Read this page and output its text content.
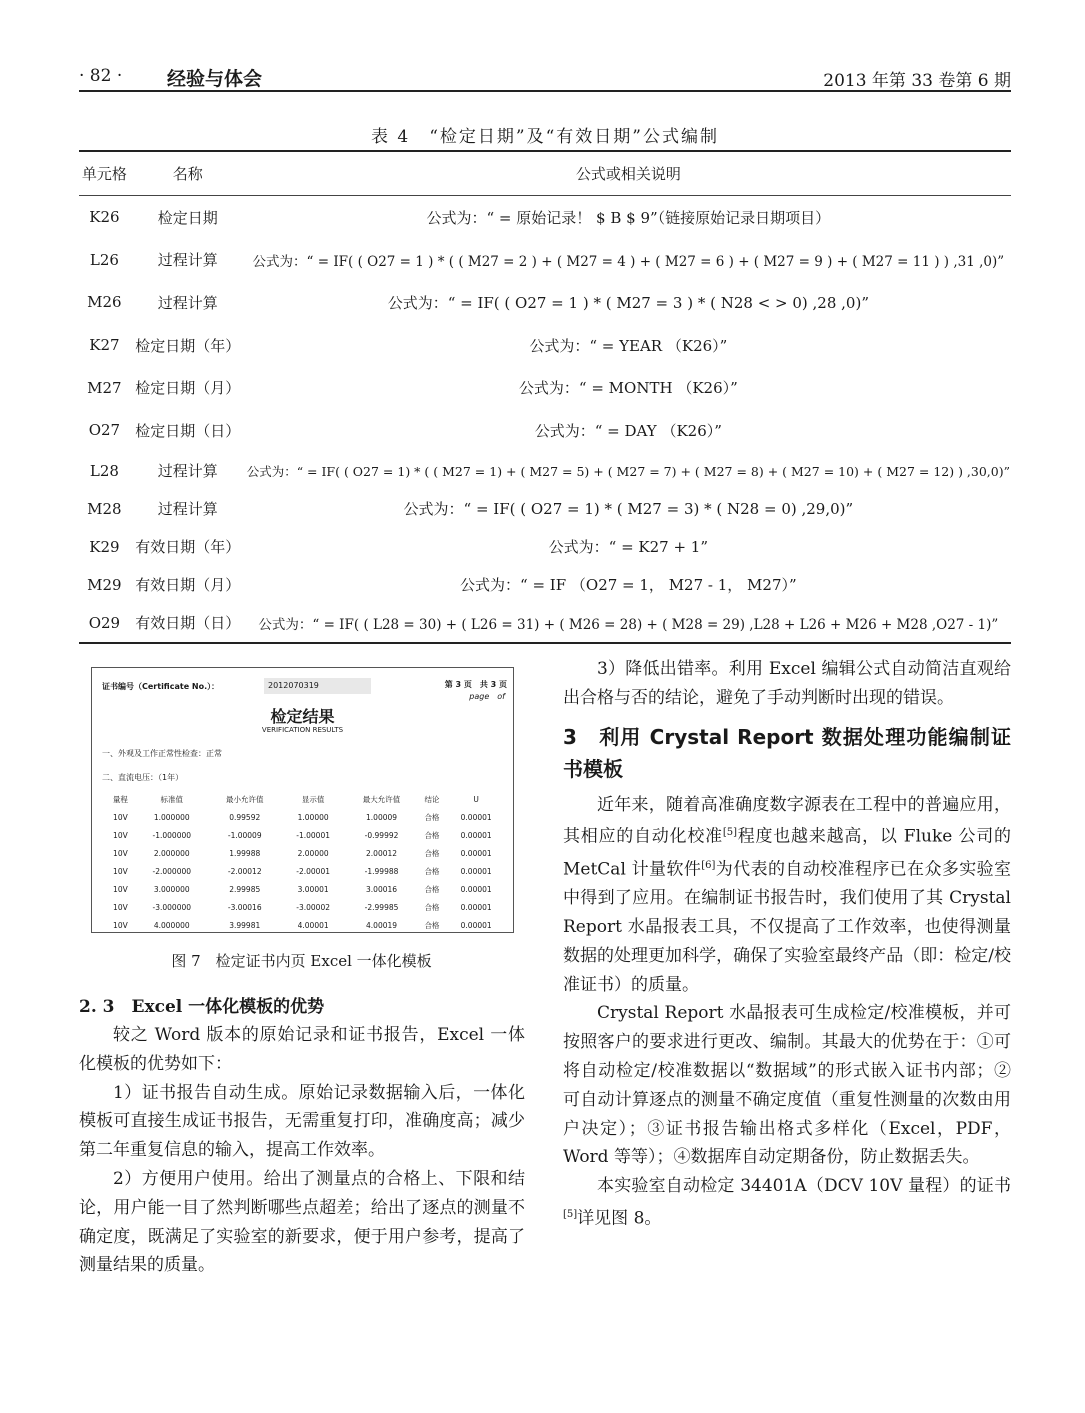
· 82 · 经验与体会	2013 年第 33 卷第 6 期
表 4　“检定日期”及“有效日期”公式编制
单元格	名称	公式或相关说明
K26	检定日期	公式为：“ = 原始记录！ $ B $ 9”（链接原始记录日期项目）
L26	过程计算	公式为：“ = IF( ( O27 = 1 ) * ( ( M27 = 2 ) + ( M27 = 4 ) + ( M27 = 6 ) + ( M27 = 9 ) + ( M27 = 11 ) ) ,31 ,0)”
M26	过程计算	公式为：“ = IF( ( O27 = 1 ) * ( M27 = 3 ) * ( N28 < > 0) ,28 ,0)”
K27	检定日期（年）	公式为：“ = YEAR （K26）”
M27	检定日期（月）	公式为：“ = MONTH （K26）”
O27	检定日期（日）	公式为：“ = DAY （K26）”
L28	过程计算	公式为：“ = IF( ( O27 = 1) * ( ( M27 = 1) + ( M27 = 5) + ( M27 = 7) + ( M27 = 8) + ( M27 = 10) + ( M27 = 12) ) ,30,0)”
M28	过程计算	公式为：“ = IF( ( O27 = 1) * ( M27 = 3) * ( N28 = 0) ,29,0)”
K29	有效日期（年）	公式为：“ = K27 + 1”
M29	有效日期（月）	公式为：“ = IF （O27 = 1， M27 - 1， M27）”
O29	有效日期（日）	公式为：“ = IF( ( L28 = 30) + ( L26 = 31) + ( M26 = 28) + ( M28 = 29) ,L28 + L26 + M26 + M28 ,O27 - 1)”
证书编号（Certificate No.）：	2012070319	第 3 页　共 3 页
page　of
检定结果
VERIFICATION RESULTS
一、外观及工作正常性检查：正常
二、直流电压：（1年）
量程	标准值	最小允许值	显示值	最大允许值	结论	U
10V	1.000000	0.99592	1.00000	1.00009	合格	0.00001
10V	-1.000000	-1.00009	-1.00001	-0.99992	合格	0.00001
10V	2.000000	1.99988	2.00000	2.00012	合格	0.00001
10V	-2.000000	-2.00012	-2.00001	-1.99988	合格	0.00001
10V	3.000000	2.99985	3.00001	3.00016	合格	0.00001
10V	-3.000000	-3.00016	-3.00002	-2.99985	合格	0.00001
10V	4.000000	3.99981	4.00001	4.00019	合格	0.00001
图 7　检定证书内页 Excel 一体化模板
2. 3　Excel 一体化模板的优势

较之 Word 版本的原始记录和证书报告，Excel 一体化模板的优势如下：

1）证书报告自动生成。原始记录数据输入后，一体化模板可直接生成证书报告，无需重复打印，准确度高；减少第二年重复信息的输入，提高工作效率。

2）方便用户使用。给出了测量点的合格上、下限和结论，用户能一目了然判断哪些点超差；给出了逐点的测量不确定度，既满足了实验室的新要求，便于用户参考，提高了测量结果的质量。

3）降低出错率。利用 Excel 编辑公式自动简洁直观给出合格与否的结论，避免了手动判断时出现的错误。

3　利用 Crystal Report 数据处理功能编制证书模板

近年来，随着高准确度数字源表在工程中的普遍应用，其相应的自动化校准[5]程度也越来越高，以 Fluke 公司的 MetCal 计量软件[6]为代表的自动校准程序已在众多实验室中得到了应用。在编制证书报告时，我们使用了其 Crystal Report 水晶报表工具，不仅提高了工作效率，也使得测量数据的处理更加科学，确保了实验室最终产品（即：检定/校准证书）的质量。

Crystal Report 水晶报表可生成检定/校准模板，并可按照客户的要求进行更改、编制。其最大的优势在于：①可将自动检定/校准数据以“数据域”的形式嵌入证书内部；②可自动计算逐点的测量不确定度值（重复性测量的次数由用户决定）；③证书报告输出格式多样化（Excel，PDF，Word 等等）；④数据库自动定期备份，防止数据丢失。

本实验室自动检定 34401A（DCV 10V 量程）的证书[5]详见图 8。
